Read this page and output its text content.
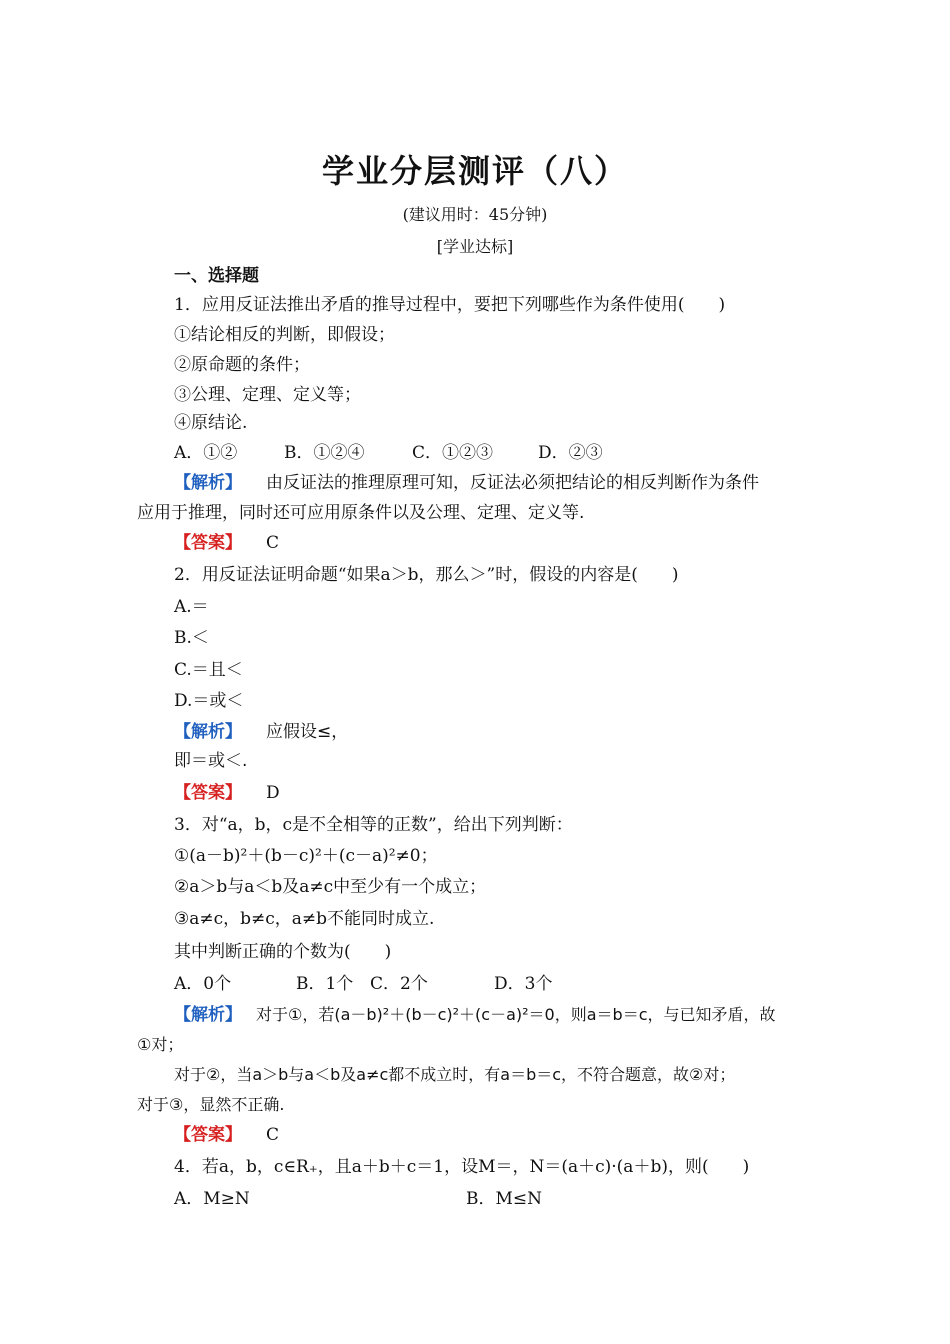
学业分层测评（八）
(建议用时：45分钟)
[学业达标]
一、选择题
1．应用反证法推出矛盾的推导过程中，要把下列哪些作为条件使用(　　)
①结论相反的判断，即假设；
②原命题的条件；
③公理、定理、定义等；
④原结论.
A．①②	B．①②④	C．①②③	D．②③
【解析】 由反证法的推理原理可知，反证法必须把结论的相反判断作为条件
应用于推理，同时还可应用原条件以及公理、定理、定义等.
【答案】 C
2．用反证法证明命题“如果a＞b，那么＞”时，假设的内容是(　　)
A.＝
B.＜
C.＝且＜
D.＝或＜
【解析】 应假设≤，
即＝或＜.
【答案】 D
3．对“a，b，c是不全相等的正数”，给出下列判断：
①(a－b)²＋(b－c)²＋(c－a)²≠0；
②a＞b与a＜b及a≠c中至少有一个成立；
③a≠c，b≠c，a≠b不能同时成立.
其中判断正确的个数为(　　)
A．0个	B．1个 C．2个	D．3个
【解析】 对于①，若(a－b)²＋(b－c)²＋(c－a)²＝0，则a＝b＝c，与已知矛盾，故
①对；
对于②，当a＞b与a＜b及a≠c都不成立时，有a＝b＝c，不符合题意，故②对；
对于③，显然不正确.
【答案】 C
4．若a，b，c∈R₊，且a＋b＋c＝1，设M＝，N＝(a＋c)·(a＋b)，则(　　)
A．M≥N	B．M≤N
